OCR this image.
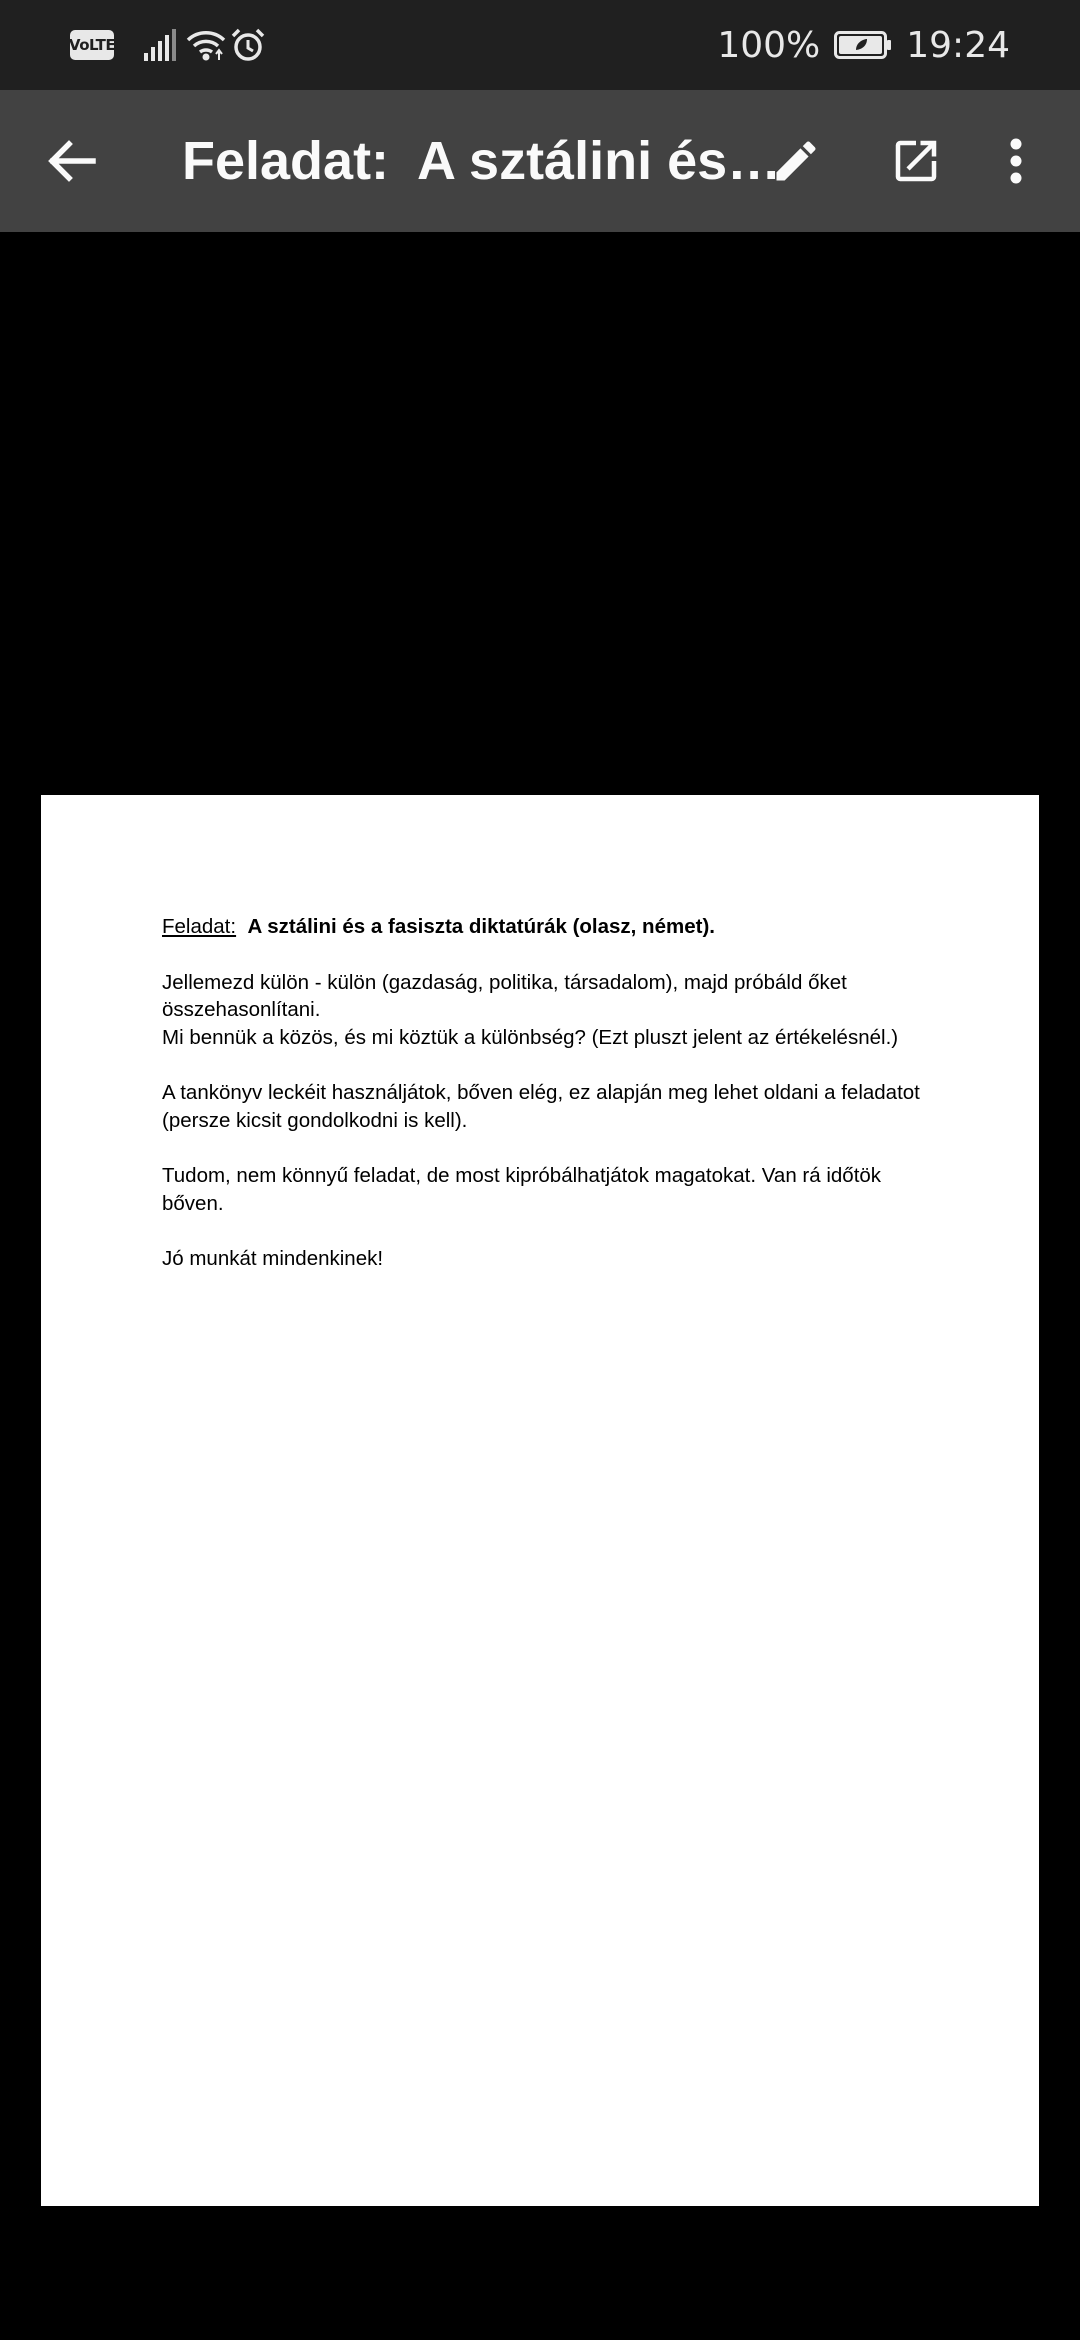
VoLTE	100% 19:24
Feladat:  A sztálini és…

Feladat: A sztálini és a fasiszta diktatúrák (olasz, német).

Jellemezd külön - külön (gazdaság, politika, társadalom), majd próbáld őket
összehasonlítani.
Mi bennük a közös, és mi köztük a különbség? (Ezt pluszt jelent az értékelésnél.)

A tankönyv leckéit használjátok, bőven elég, ez alapján meg lehet oldani a feladatot
(persze kicsit gondolkodni is kell).

Tudom, nem könnyű feladat, de most kipróbálhatjátok magatokat. Van rá időtök
bőven.

Jó munkát mindenkinek!
